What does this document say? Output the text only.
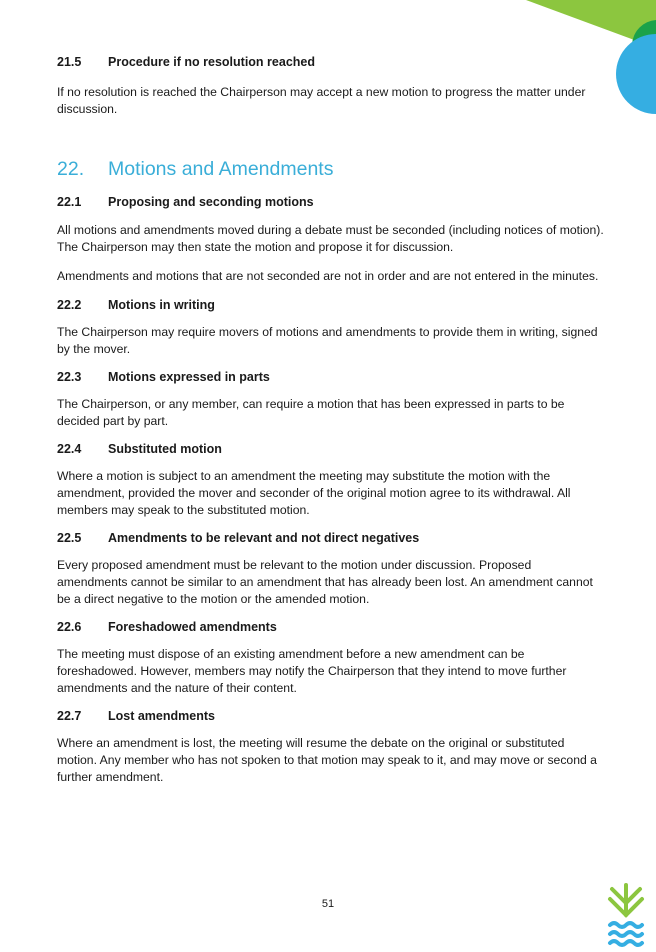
21.5	Procedure if no resolution reached

If no resolution is reached the Chairperson may accept a new motion to progress the matter under discussion.

22.	Motions and Amendments
22.1	Proposing and seconding motions

All motions and amendments moved during a debate must be seconded (including notices of motion). The Chairperson may then state the motion and propose it for discussion.

Amendments and motions that are not seconded are not in order and are not entered in the minutes.

22.2	Motions in writing

The Chairperson may require movers of motions and amendments to provide them in writing, signed by the mover.

22.3	Motions expressed in parts

The Chairperson, or any member, can require a motion that has been expressed in parts to be decided part by part.

22.4	Substituted motion

Where a motion is subject to an amendment the meeting may substitute the motion with the amendment, provided the mover and seconder of the original motion agree to its withdrawal. All members may speak to the substituted motion.

22.5	Amendments to be relevant and not direct negatives

Every proposed amendment must be relevant to the motion under discussion. Proposed amendments cannot be similar to an amendment that has already been lost. An amendment cannot be a direct negative to the motion or the amended motion.

22.6	Foreshadowed amendments

The meeting must dispose of an existing amendment before a new amendment can be foreshadowed. However, members may notify the Chairperson that they intend to move further amendments and the nature of their content.

22.7	Lost amendments

Where an amendment is lost, the meeting will resume the debate on the original or substituted motion. Any member who has not spoken to that motion may speak to it, and may move or second a further amendment.

51
